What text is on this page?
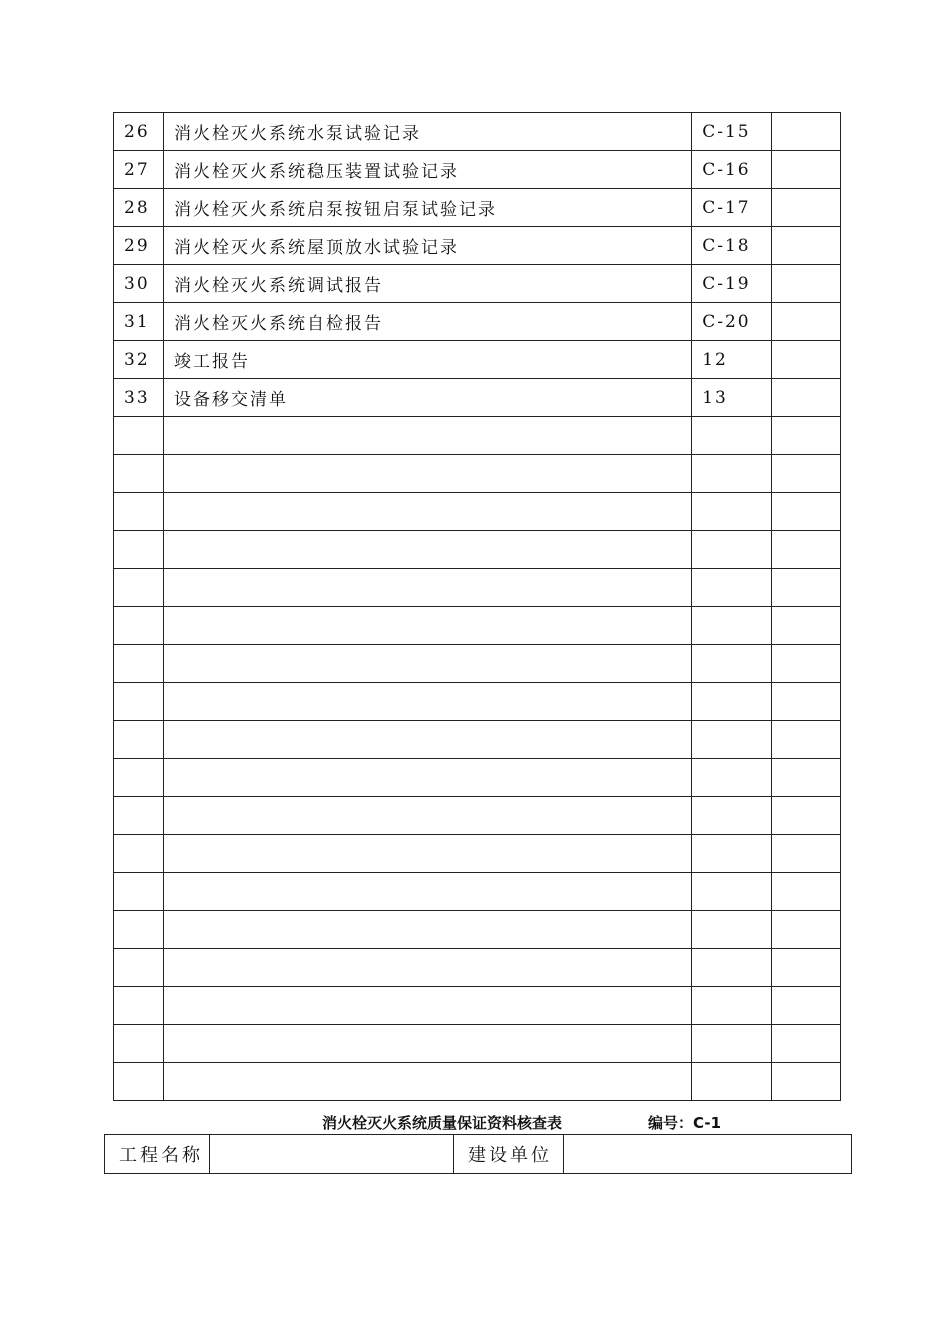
26	消火栓灭火系统水泵试验记录	C-15	
27	消火栓灭火系统稳压装置试验记录	C-16	
28	消火栓灭火系统启泵按钮启泵试验记录	C-17	
29	消火栓灭火系统屋顶放水试验记录	C-18	
30	消火栓灭火系统调试报告	C-19	
31	消火栓灭火系统自检报告	C-20	
32	竣工报告	12	
33	设备移交清单	13	

消火栓灭火系统质量保证资料核查表	编号：C-1
工程名称		建设单位	
